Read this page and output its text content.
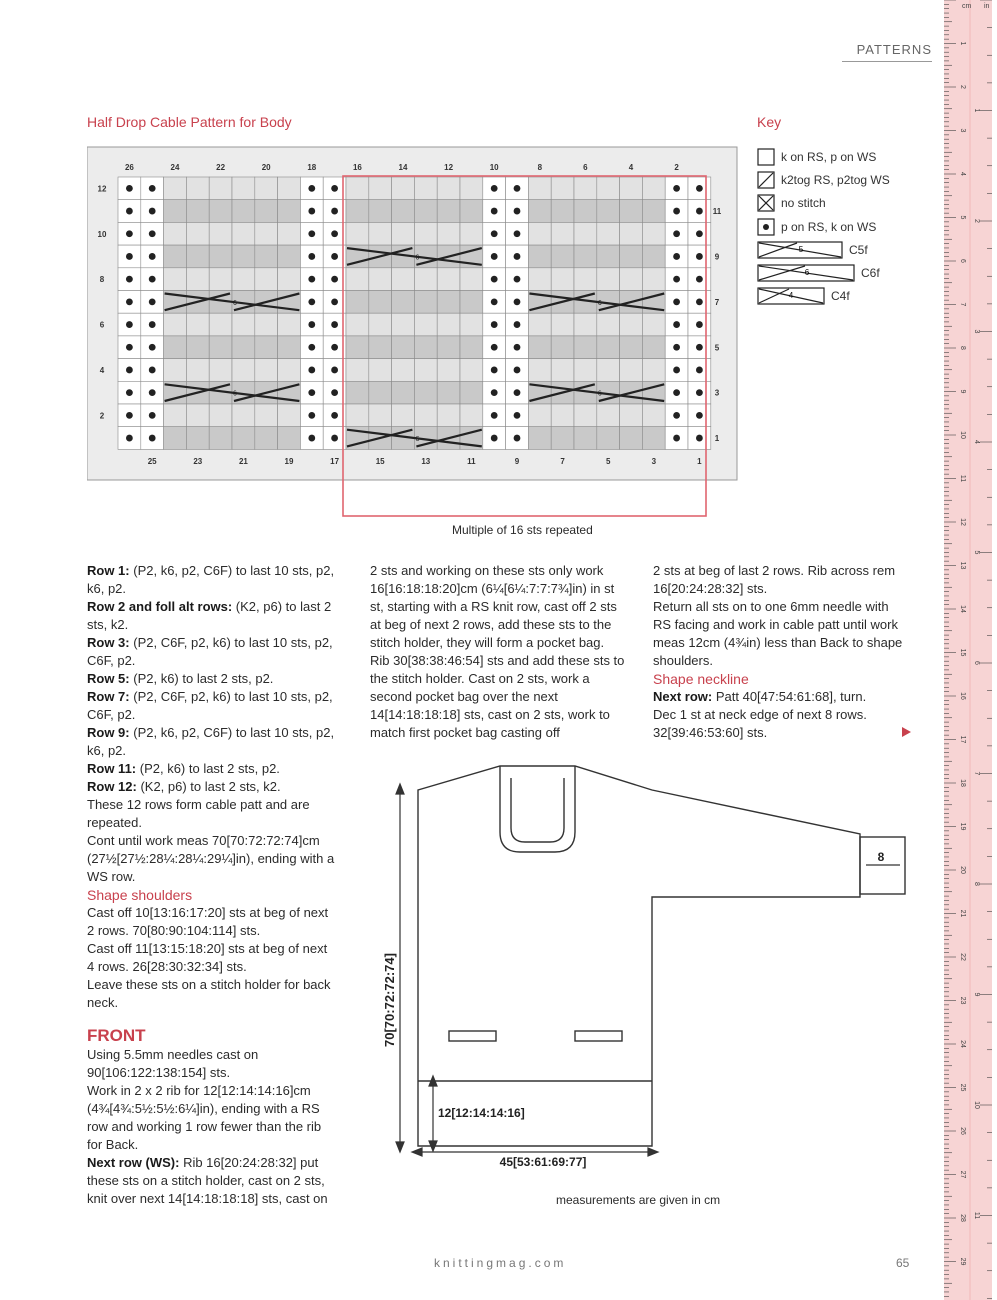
PATTERNS
Half Drop Cable Pattern for Body
6
6
6	6
6	6
26	24	22	20	18	16	14	12	10	8	6	4	2
25	23	21	19	17	15	13	11	9	7	5	3	1
12
10
8
6
4
2
11
9
7
5
3
1
Multiple of 16 sts repeated
Key
k on RS, p on WS
k2tog RS, p2tog WS
no stitch
p on RS, k on WS
5	C5f
6	C6f
4	C4f

Row 1: (P2, k6, p2, C6F) to last 10 sts, p2, k6, p2.

Row 2 and foll alt rows: (K2, p6) to last 2 sts, k2.

Row 3: (P2, C6F, p2, k6) to last 10 sts, p2, C6F, p2.

Row 5: (P2, k6) to last 2 sts, p2.

Row 7: (P2, C6F, p2, k6) to last 10 sts, p2, C6F, p2.

Row 9: (P2, k6, p2, C6F) to last 10 sts, p2, k6, p2.

Row 11: (P2, k6) to last 2 sts, p2.

Row 12: (K2, p6) to last 2 sts, k2.

These 12 rows form cable patt and are repeated.

Cont until work meas 70[70:72:72:74]cm (27½[27½:28¼:28¼:29¼]in), ending with a WS row.

Shape shoulders

Cast off 10[13:16:17:20] sts at beg of next 2 rows. 70[80:90:104:114] sts.

Cast off 11[13:15:18:20] sts at beg of next 4 rows. 26[28:30:32:34] sts.

Leave these sts on a stitch holder for back neck.

FRONT

Using 5.5mm needles cast on 90[106:122:138:154] sts.

Work in 2 x 2 rib for 12[12:14:14:16]cm (4¾[4¾:5½:5½:6¼]in), ending with a RS row and working 1 row fewer than the rib for Back.

Next row (WS): Rib 16[20:24:28:32] put these sts on a stitch holder, cast on 2 sts, knit over next 14[14:18:18:18] sts, cast on

2 sts and working on these sts only work 16[16:18:18:20]cm (6¼[6¼:7:7:7¾]in) in st st, starting with a RS knit row, cast off 2 sts at beg of next 2 rows, add these sts to the stitch holder, they will form a pocket bag. Rib 30[38:38:46:54] sts and add these sts to the stitch holder. Cast on 2 sts, work a second pocket bag over the next 14[14:18:18:18] sts, cast on 2 sts, work to match first pocket bag casting off

2 sts at beg of last 2 rows. Rib across rem 16[20:24:28:32] sts.

Return all sts on to one 6mm needle with RS facing and work in cable patt until work meas 12cm (4¾in) less than Back to shape shoulders.

Shape neckline

Next row: Patt 40[47:54:61:68], turn.

Dec 1 st at neck edge of next 8 rows. 32[39:46:53:60] sts.

70[70:72:72:74]
12[12:14:14:16]
45[53:61:69:77]
8
measurements are given in cm
knittingmag.com	65
cm in
1
2
3
4
5
6
7
8
9
10
11
12
13
14
15
16
17
18
19
20
21
22
23
24
25
26
27
28
29
1
2
3
4
5
6
7
8
9
10
11
